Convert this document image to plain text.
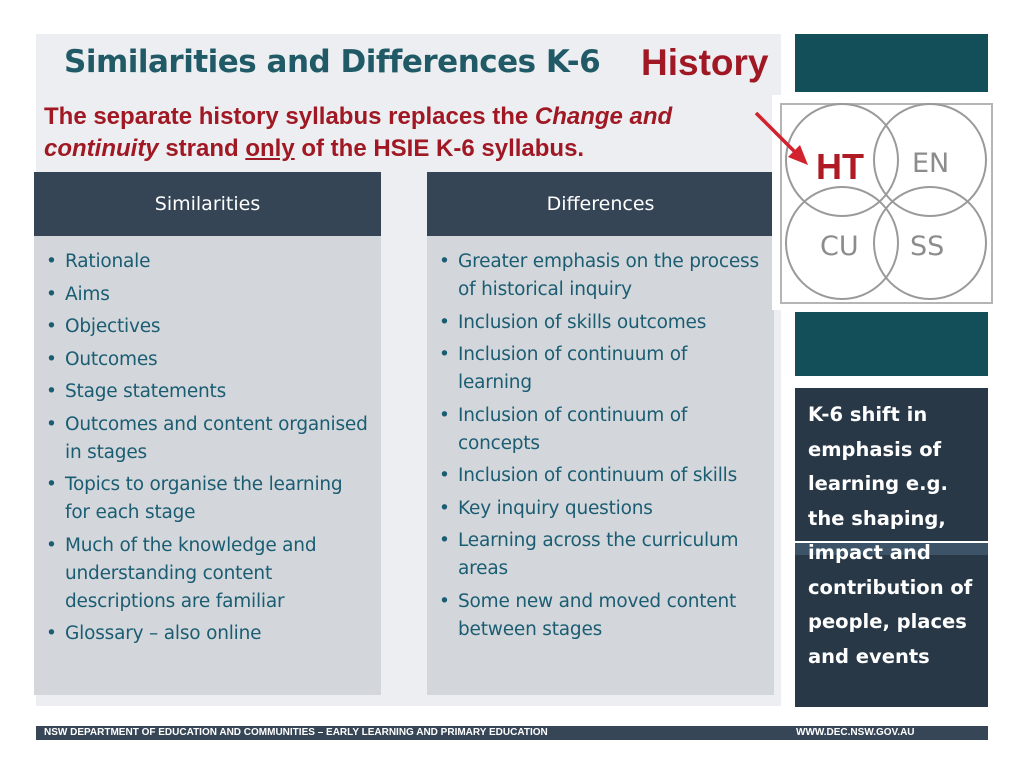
Similarities and Differences K-6 History

The separate history syllabus replaces the Change and continuity strand only of the HSIE K-6 syllabus.

Similarities
• Rationale
• Aims
• Objectives
• Outcomes
• Stage statements
• Outcomes and content organised in stages
• Topics to organise the learning for each stage
• Much of the knowledge and understanding content descriptions are familiar
• Glossary – also online
Differences
• Greater emphasis on the process of historical inquiry
• Inclusion of skills outcomes
• Inclusion of continuum of learning
• Inclusion of continuum of concepts
• Inclusion of continuum of skills
• Key inquiry questions
• Learning across the curriculum areas
• Some new and moved content between stages
HT EN
CU SS

K-6 shift in emphasis of learning e.g. the shaping, impact and contribution of people, places and events

NSW DEPARTMENT OF EDUCATION AND COMMUNITIES – EARLY LEARNING AND PRIMARY EDUCATION	WWW.DEC.NSW.GOV.AU
